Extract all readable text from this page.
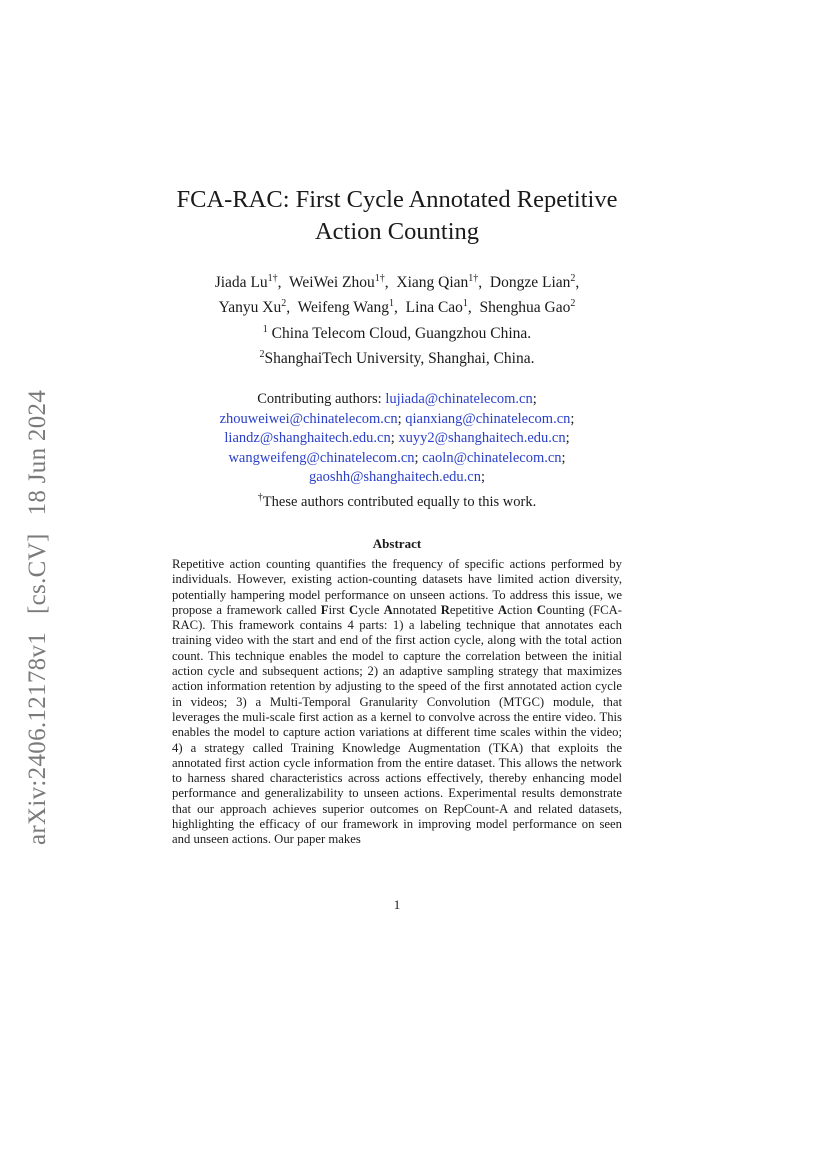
arXiv:2406.12178v1[cs.CV]18 Jun 2024
FCA-RAC: First Cycle Annotated Repetitive
Action Counting
Jiada $Lu^{1\dagger}$,  WeiWei Zhou$^{1\dagger}$,  Xiang Qian$^{1\dagger}$,  Dongze Lian$^2$,
Yanyu Xu$^2$,  Weifeng Wang$^1$,  Lina Cao$^1$,  Shenghua Gao$^2$
$^1$ China Telecom Cloud, Guangzhou China.
$^2$ShanghaiTech University, Shanghai, China.
Contributing authors: lujiada@chinatelecom.cn;
zhouweiwei@chinatelecom.cn; qianxiang@chinatelecom.cn;
liandz@shanghaitech.edu.cn; xuyy2@shanghaitech.edu.cn;
wangweifeng@chinatelecom.cn; caoln@chinatelecom.cn;
gaoshh@shanghaitech.edu.cn;
†These authors contributed equally to this work.
Abstract
Repetitive action counting quantifies the frequency of specific actions performed by individuals. However, existing action-counting datasets have limited action diversity, potentially hampering model performance on unseen actions. To address this issue, we propose a framework called First Cycle Annotated Repetitive Action Counting (FCA-RAC). This framework contains 4 parts: 1) a labeling technique that annotates each training video with the start and end of the first action cycle, along with the total action count. This technique enables the model to capture the correlation between the initial action cycle and subsequent actions; 2) an adaptive sampling strategy that maximizes action information retention by adjusting to the speed of the first annotated action cycle in videos; 3) a Multi-Temporal Granularity Convolution (MTGC) module, that leverages the muli-scale first action as a kernel to convolve across the entire video. This enables the model to capture action variations at different time scales within the video; 4) a strategy called Training Knowledge Augmentation (TKA) that exploits the annotated first action cycle information from the entire dataset. This allows the network to harness shared characteristics across actions effectively, thereby enhancing model performance and generalizability to unseen actions. Experimental results demonstrate that our approach achieves superior outcomes on RepCount-A and related datasets, highlighting the efficacy of our framework in improving model performance on seen and unseen actions. Our paper makes
1
